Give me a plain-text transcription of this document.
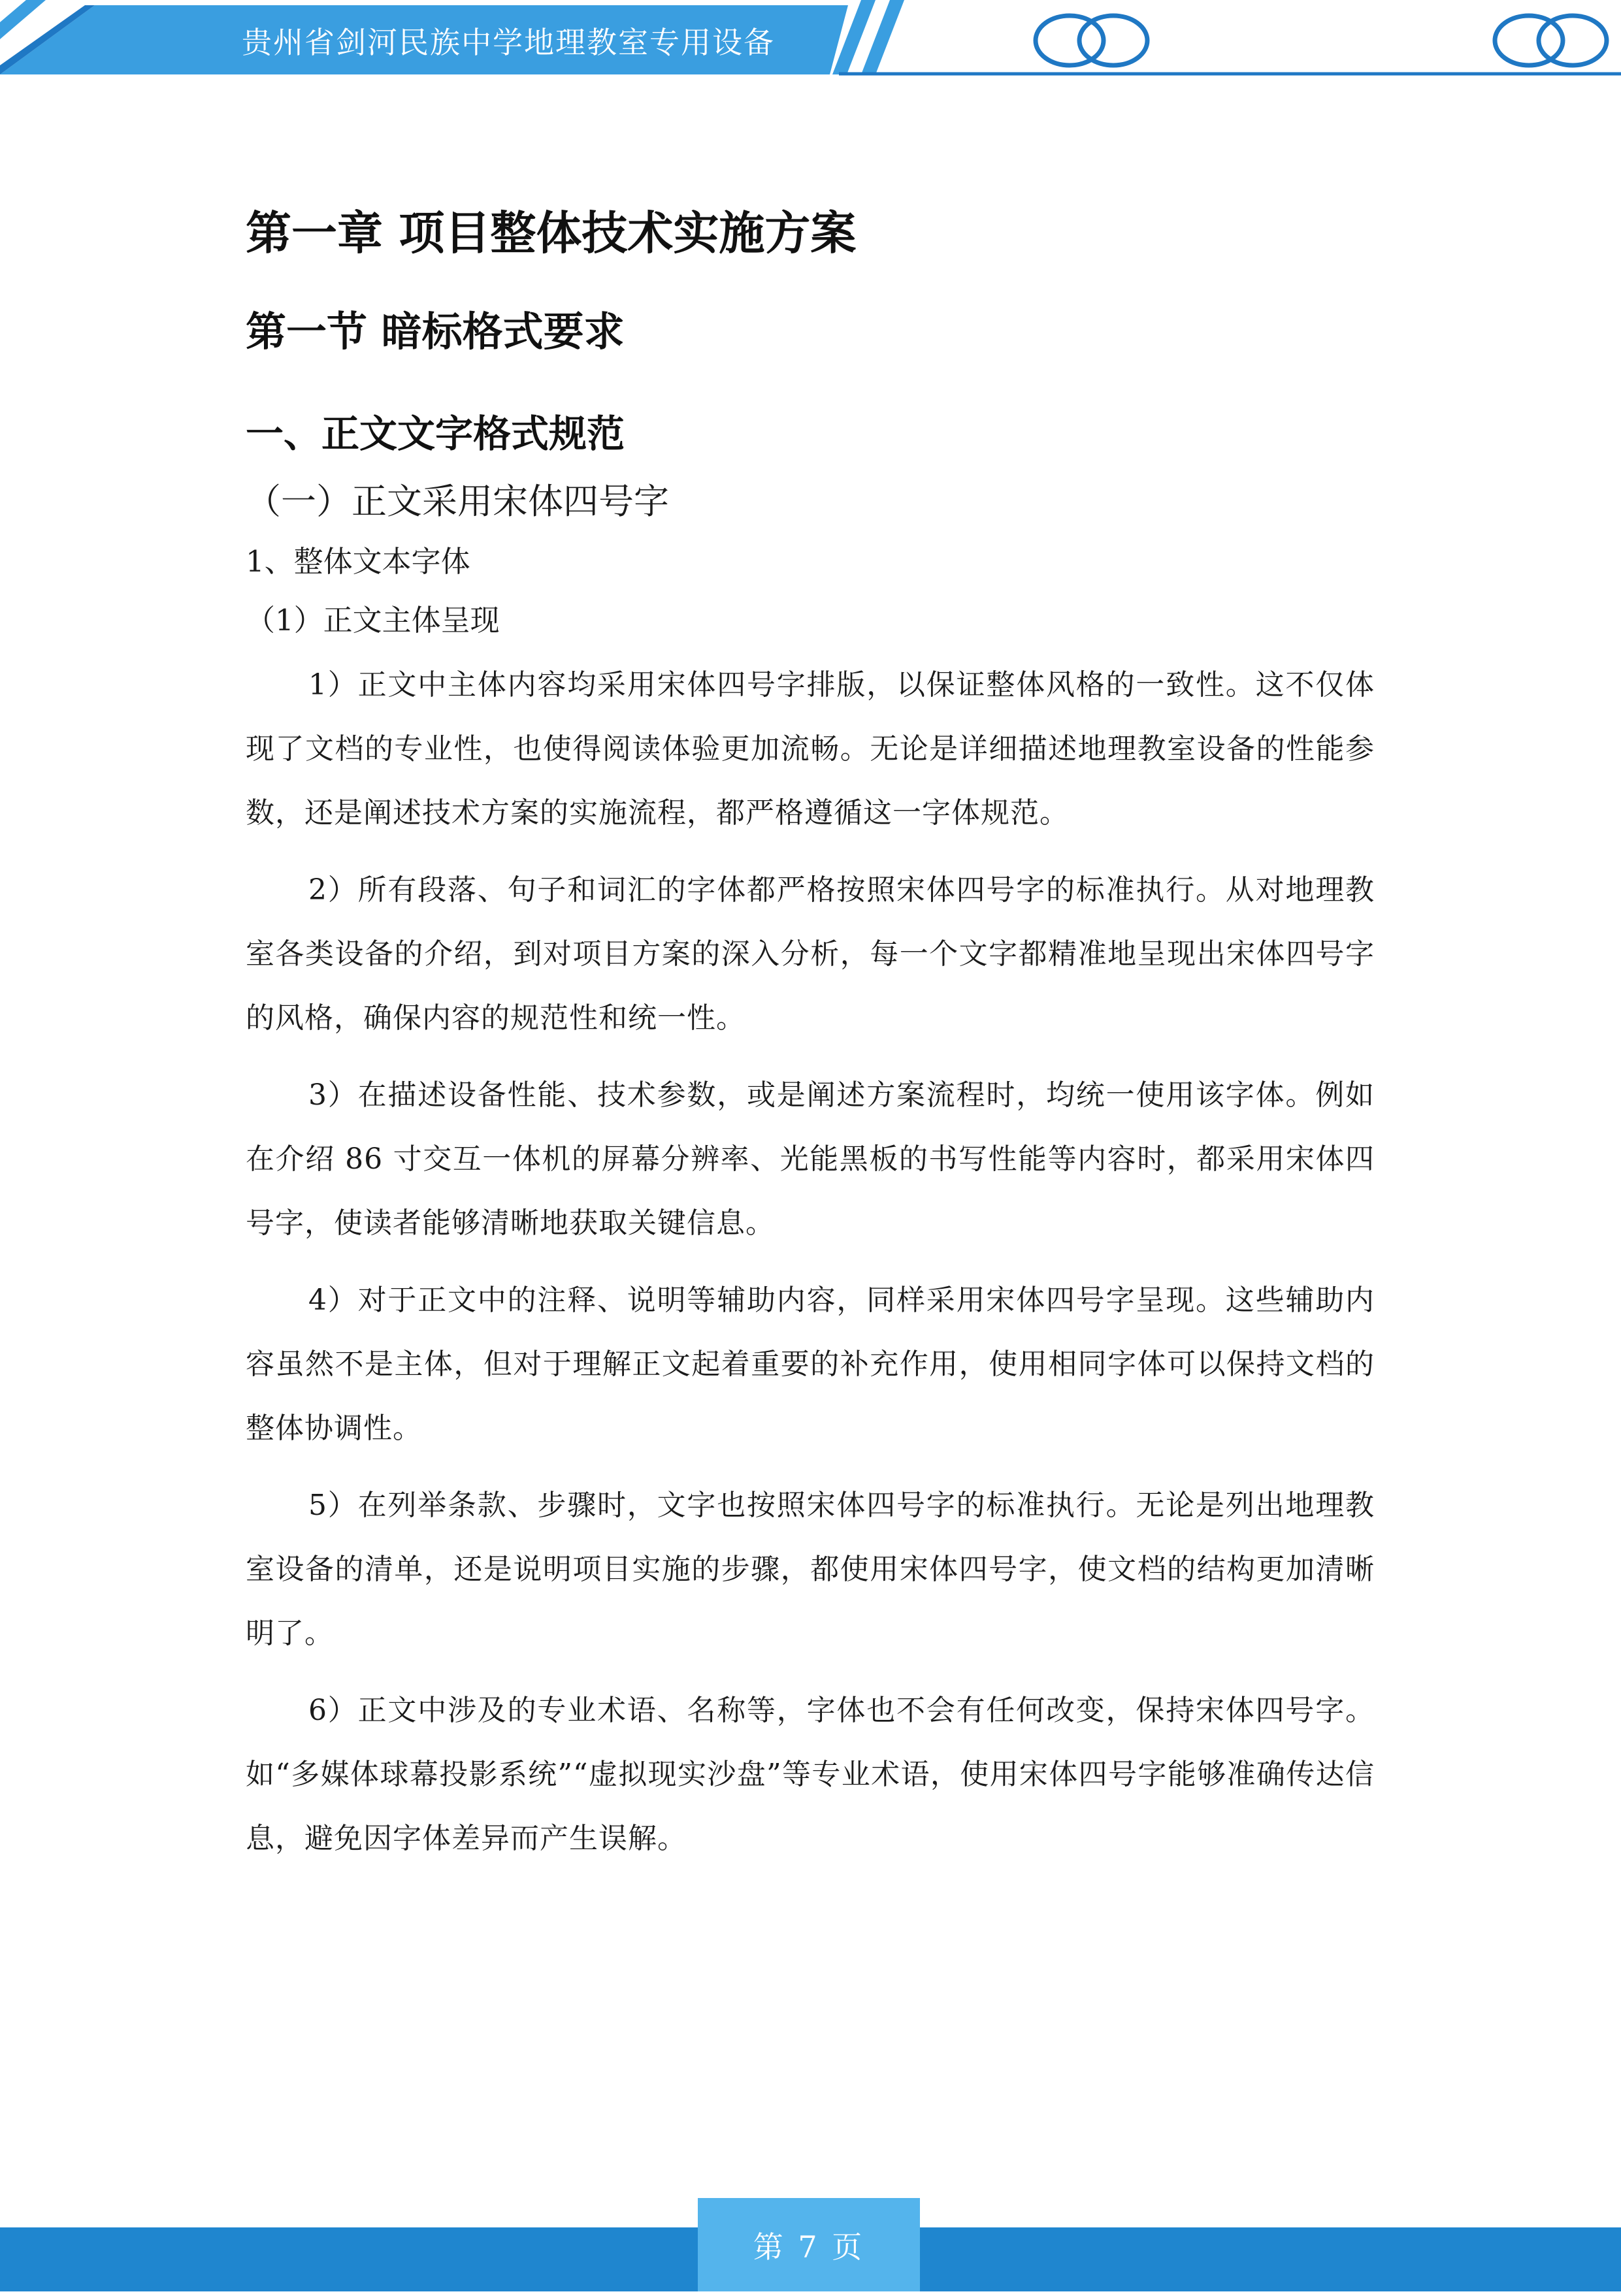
贵州省剑河民族中学地理教室专用设备
第一章 项目整体技术实施方案
第一节 暗标格式要求
一、正文文字格式规范
（一）正文采用宋体四号字
1、整体文本字体
（1）正文主体呈现

1）正文中主体内容均采用宋体四号字排版，以保证整体风格的一致性。这不仅体现了文档的专业性，也使得阅读体验更加流畅。无论是详细描述地理教室设备的性能参数，还是阐述技术方案的实施流程，都严格遵循这一字体规范。

2）所有段落、句子和词汇的字体都严格按照宋体四号字的标准执行。从对地理教室各类设备的介绍，到对项目方案的深入分析，每一个文字都精准地呈现出宋体四号字的风格，确保内容的规范性和统一性。

3）在描述设备性能、技术参数，或是阐述方案流程时，均统一使用该字体。例如在介绍 86 寸交互一体机的屏幕分辨率、光能黑板的书写性能等内容时，都采用宋体四号字，使读者能够清晰地获取关键信息。

4）对于正文中的注释、说明等辅助内容，同样采用宋体四号字呈现。这些辅助内容虽然不是主体，但对于理解正文起着重要的补充作用，使用相同字体可以保持文档的整体协调性。

5）在列举条款、步骤时，文字也按照宋体四号字的标准执行。无论是列出地理教室设备的清单，还是说明项目实施的步骤，都使用宋体四号字，使文档的结构更加清晰明了。

6）正文中涉及的专业术语、名称等，字体也不会有任何改变，保持宋体四号字。如“多媒体球幕投影系统”“虚拟现实沙盘”等专业术语，使用宋体四号字能够准确传达信息，避免因字体差异而产生误解。

第 7 页
